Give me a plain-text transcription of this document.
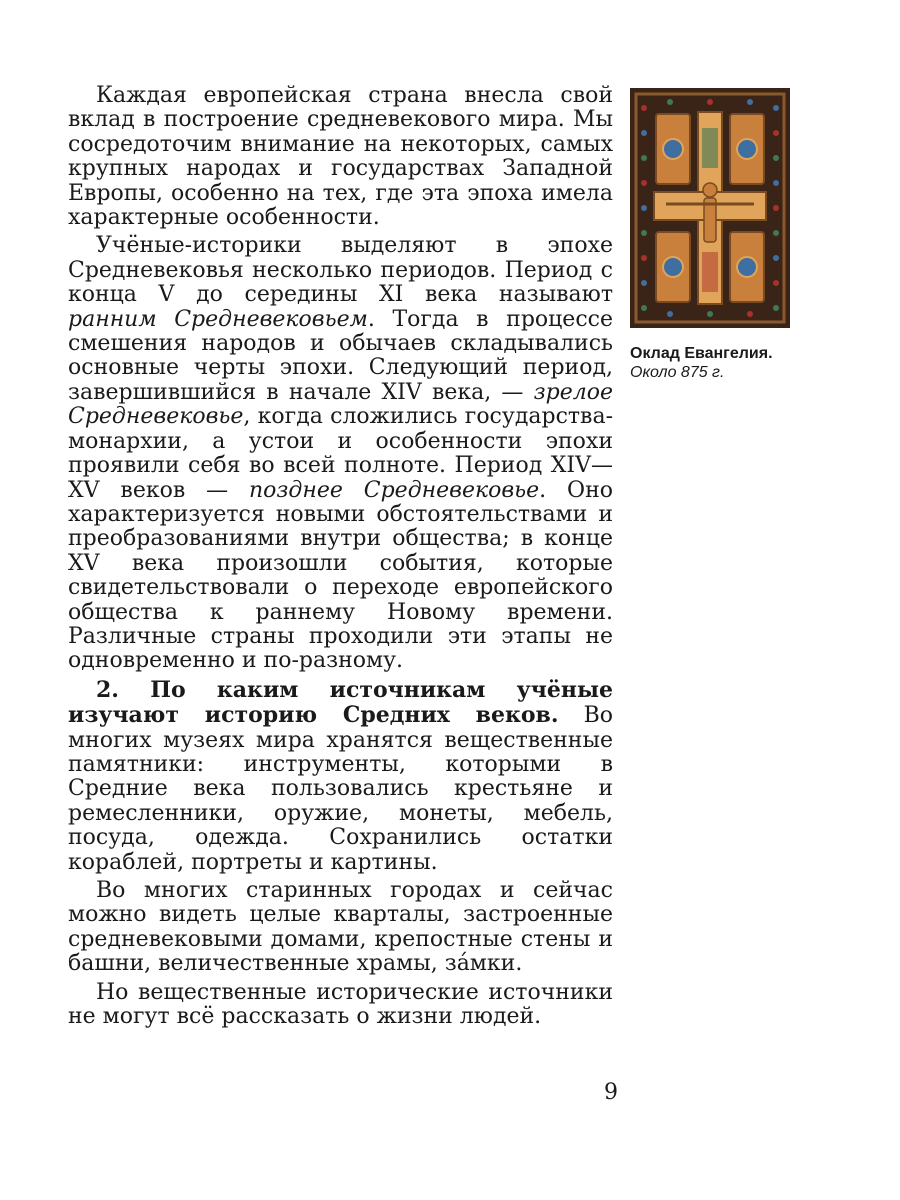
Каждая европейская страна внесла свой вклад в построение средневекового мира. Мы сосредоточим внимание на некоторых, самых крупных народах и государствах Западной Европы, особенно на тех, где эта эпоха имела характерные особенности.

Учёные-историки выделяют в эпохе Средневековья несколько периодов. Период с конца V до середины XI века называют ранним Средневековьем. Тогда в процессе смешения народов и обычаев складывались основные черты эпохи. Следующий период, завершившийся в начале XIV века, — зрелое Средневековье, когда сложились государства-монархии, а устои и особенности эпохи проявили себя во всей полноте. Период XIV—XV веков — позднее Средневековье. Оно характеризуется новыми обстоятельствами и преобразованиями внутри общества; в конце XV века произошли события, которые свидетельствовали о переходе европейского общества к раннему Новому времени. Различные страны проходили эти этапы не одновременно и по-разному.

2. По каким источникам учёные изучают историю Средних веков. Во многих музеях мира хранятся вещественные памятники: инструменты, которыми в Средние века пользовались крестьяне и ремесленники, оружие, монеты, мебель, посуда, одежда. Сохранились остатки кораблей, портреты и картины.

Во многих старинных городах и сейчас можно видеть целые кварталы, застроенные средневековыми домами, крепостные стены и башни, величественные храмы, за́мки.

Но вещественные исторические источники не могут всё рассказать о жизни людей.

Оклад Евангелия.
Около 875 г.
9
